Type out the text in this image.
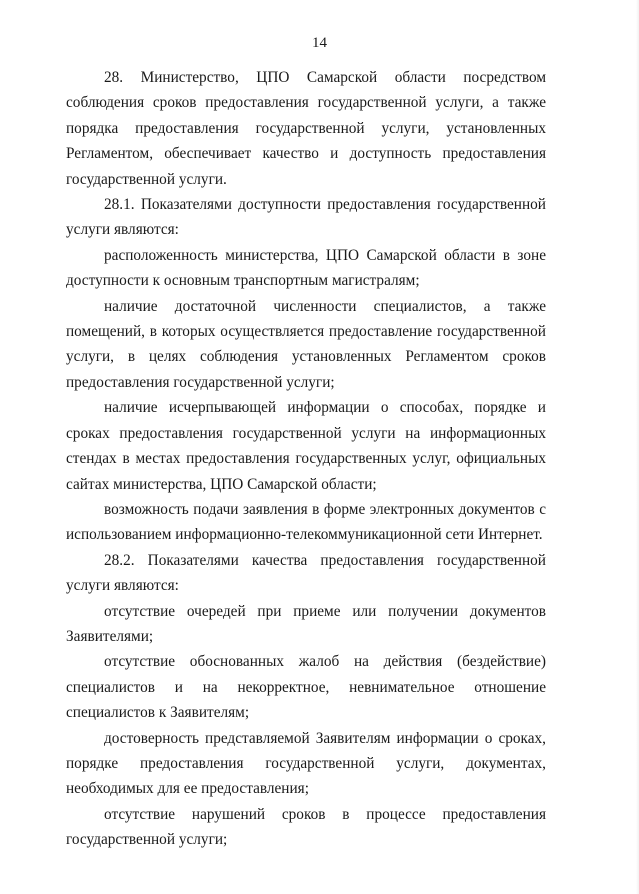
14

28. Министерство, ЦПО Самарской области посредством соблюдения сроков предоставления государственной услуги, а также порядка предоставления государственной услуги, установленных Регламентом, обеспечивает качество и доступность предоставления государственной услуги.

28.1. Показателями доступности предоставления государственной услуги являются:

расположенность министерства, ЦПО Самарской области в зоне доступности к основным транспортным магистралям;

наличие достаточной численности специалистов, а также помещений, в которых осуществляется предоставление государственной услуги, в целях соблюдения установленных Регламентом сроков предоставления государственной услуги;

наличие исчерпывающей информации о способах, порядке и сроках предоставления государственной услуги на информационных стендах в местах предоставления государственных услуг, официальных сайтах министерства, ЦПО Самарской области;

возможность подачи заявления в форме электронных документов с использованием информационно-телекоммуникационной сети Интернет.

28.2. Показателями качества предоставления государственной услуги являются:

отсутствие очередей при приеме или получении документов Заявителями;

отсутствие обоснованных жалоб на действия (бездействие) специалистов и на некорректное, невнимательное отношение специалистов к Заявителям;

достоверность представляемой Заявителям информации о сроках, порядке предоставления государственной услуги, документах, необходимых для ее предоставления;

отсутствие нарушений сроков в процессе предоставления государственной услуги;
